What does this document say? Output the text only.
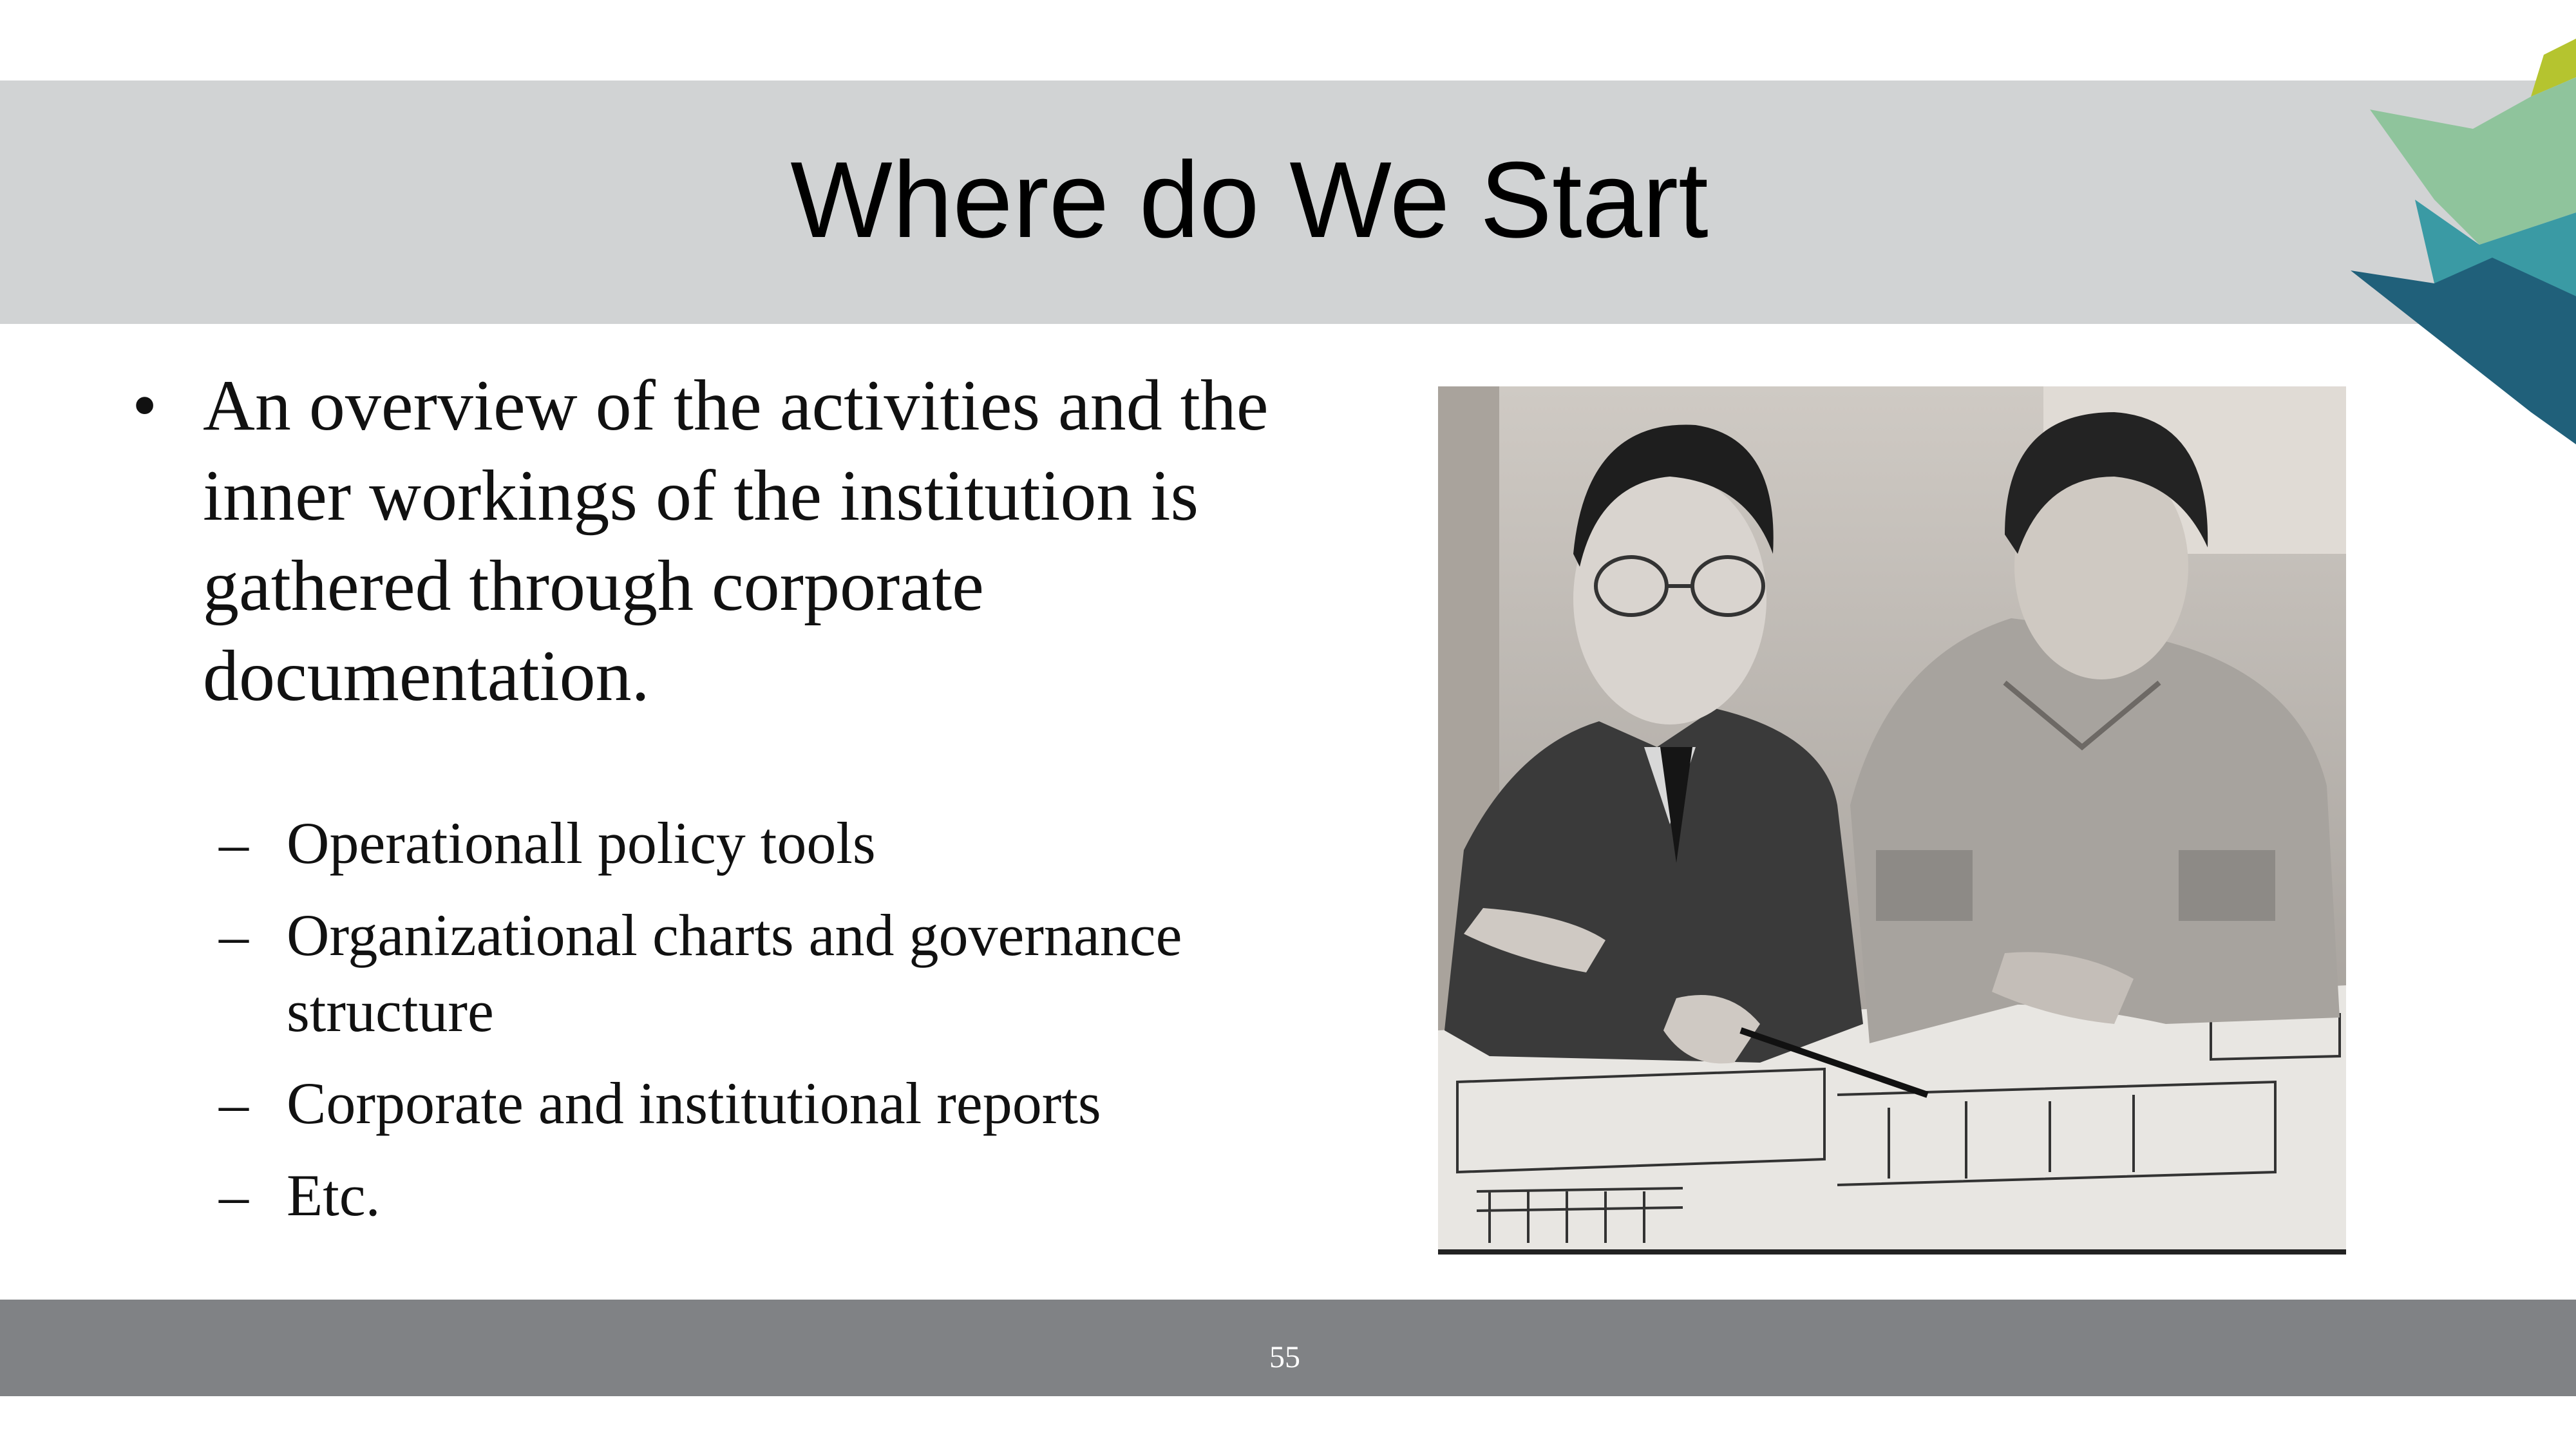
Where do We Start
• An overview of the activities and the inner workings of the institution is gathered through corporate documentation.
– Operationall policy tools
– Organizational charts and governance structure
– Corporate and institutional reports
– Etc.
55
